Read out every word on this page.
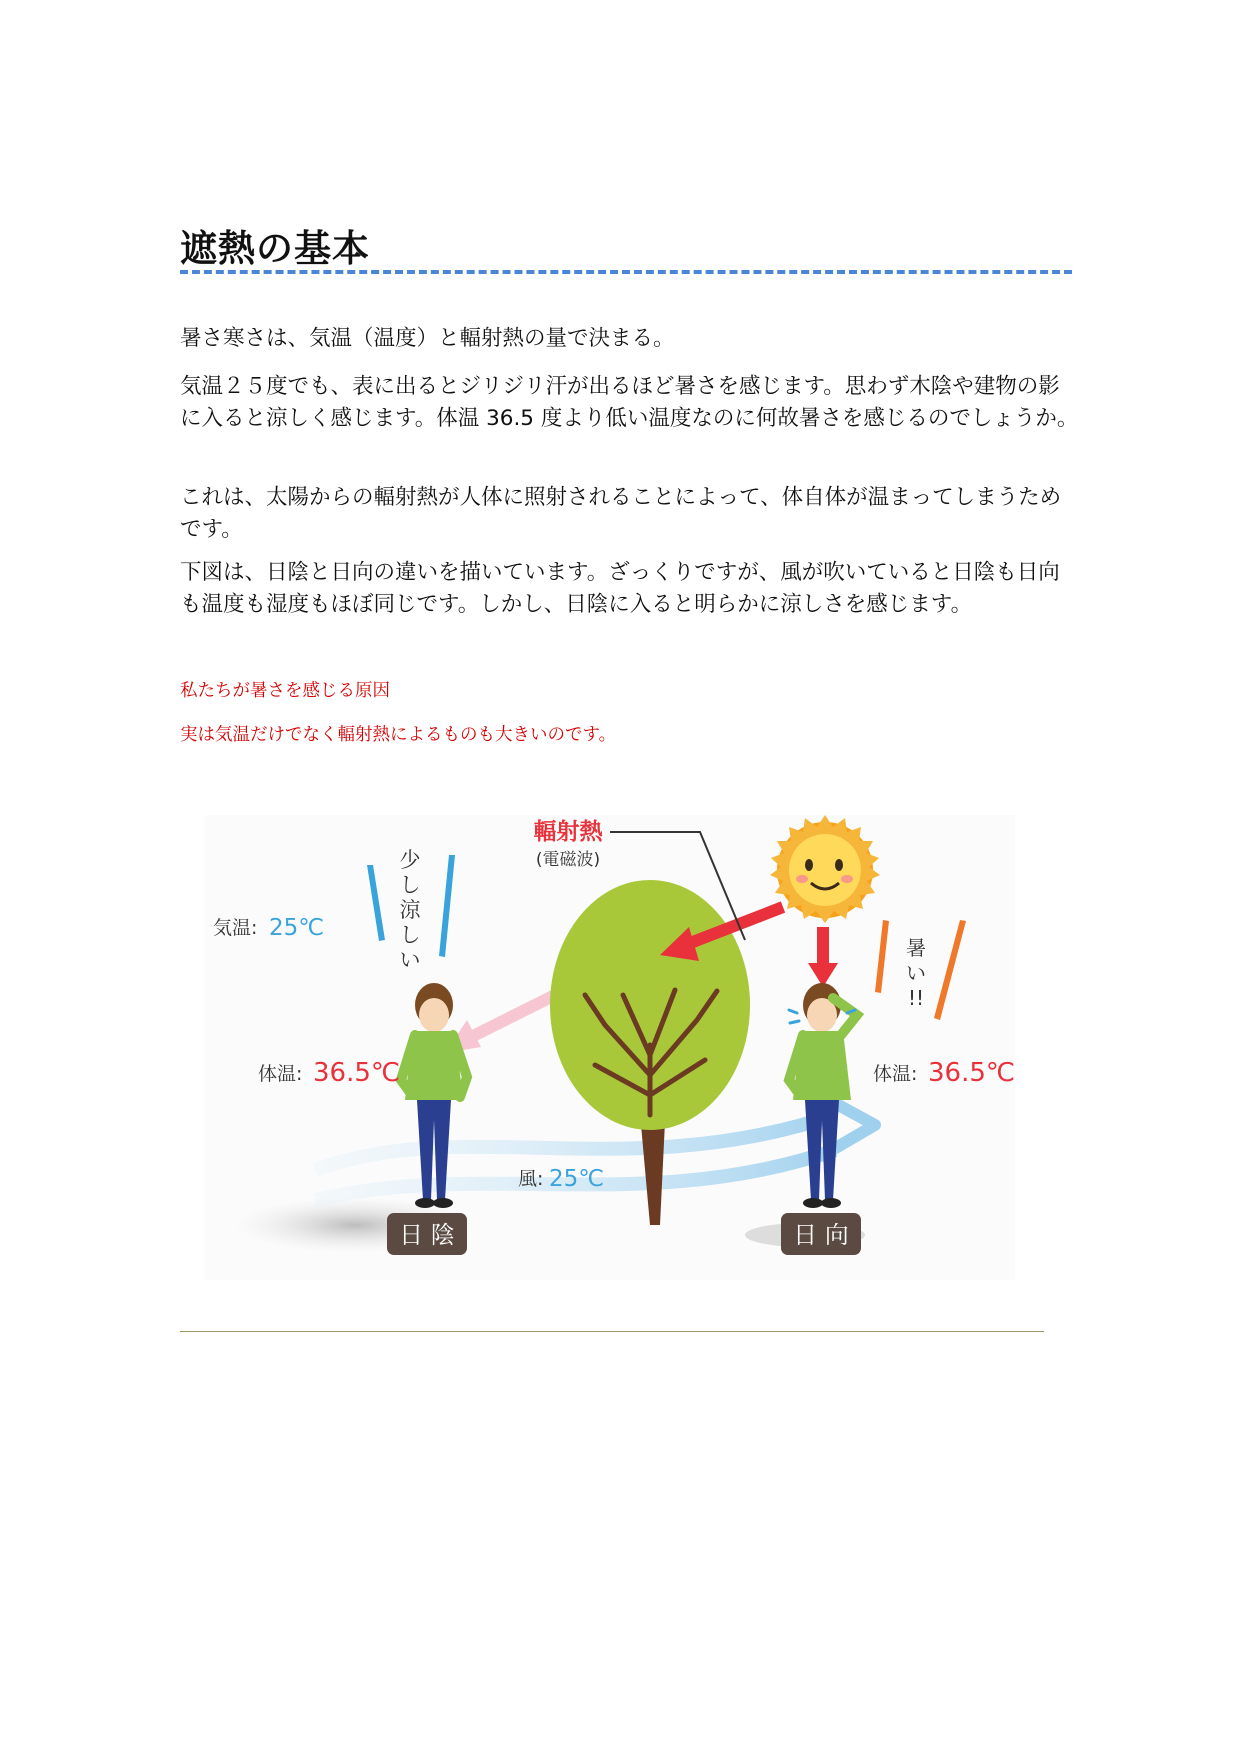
遮熱の基本

暑さ寒さは、気温（温度）と輻射熱の量で決まる。

気温２５度でも、表に出るとジリジリ汗が出るほど暑さを感じます。思わず木陰や建物の影に入ると涼しく感じます。体温 36.5 度より低い温度なのに何故暑さを感じるのでしょうか。

これは、太陽からの輻射熱が人体に照射されることによって、体自体が温まってしまうためです。

下図は、日陰と日向の違いを描いています。ざっくりですが、風が吹いていると日陰も日向も温度も湿度もほぼ同じです。しかし、日陰に入ると明らかに涼しさを感じます。

私たちが暑さを感じる原因

実は気温だけでなく輻射熱によるものも大きいのです。

輻射熱
(電磁波)
少
し
涼
し
い	暑
い
!!
気温: 25℃
体温: 36.5℃	体温: 36.5℃
風: 25℃
日 陰	日 向
